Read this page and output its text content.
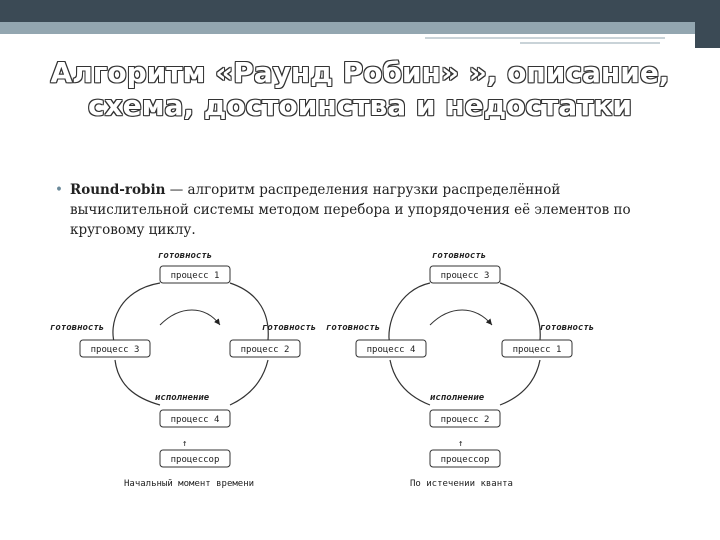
Алгоритм «Раунд Робин» », описание,
схема, достоинства и недостатки
• Round-robin — алгоритм распределения нагрузки распределённой вычислительной системы методом перебора и упорядочения её элементов по круговому циклу.
готовность
процесс 1
готовность
процесс 3
готовность
процесс 2
исполнение
процесс 4
↑
процессор
Начальный момент времени
готовность
процесс 3
готовность
процесс 4
готовность
процесс 1
исполнение
процесс 2
↑
процессор
По истечении кванта
